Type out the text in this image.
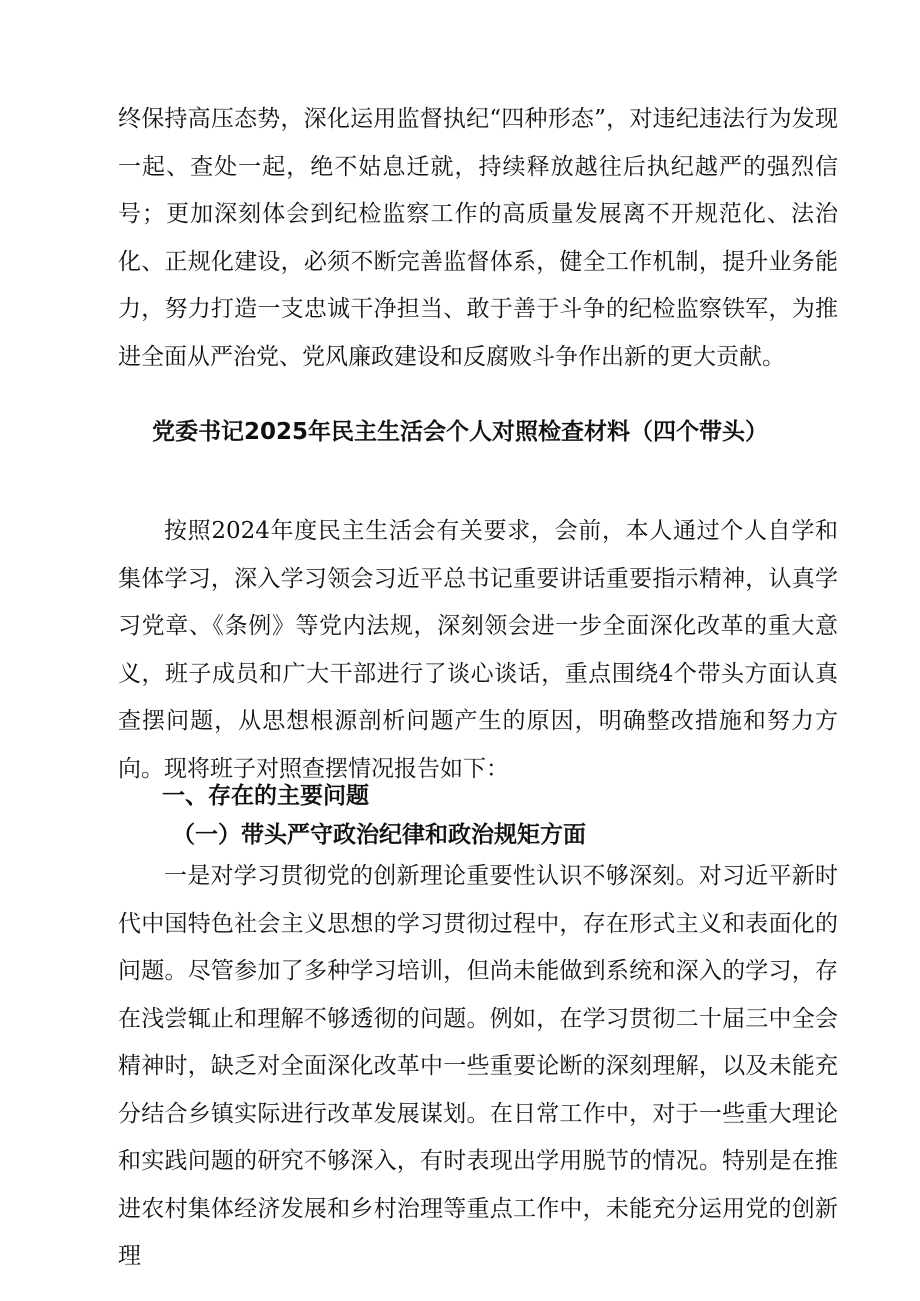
终保持高压态势，深化运用监督执纪“四种形态”，对违纪违法行为发现一起、查处一起，绝不姑息迁就，持续释放越往后执纪越严的强烈信号；更加深刻体会到纪检监察工作的高质量发展离不开规范化、法治化、正规化建设，必须不断完善监督体系，健全工作机制，提升业务能力，努力打造一支忠诚干净担当、敢于善于斗争的纪检监察铁军，为推进全面从严治党、党风廉政建设和反腐败斗争作出新的更大贡献。

党委书记2025年民主生活会个人对照检查材料（四个带头）

按照2024年度民主生活会有关要求，会前，本人通过个人自学和集体学习，深入学习领会习近平总书记重要讲话重要指示精神，认真学习党章、《条例》等党内法规，深刻领会进一步全面深化改革的重大意义，班子成员和广大干部进行了谈心谈话，重点围绕4个带头方面认真查摆问题，从思想根源剖析问题产生的原因，明确整改措施和努力方向。现将班子对照查摆情况报告如下：

一、存在的主要问题
（一）带头严守政治纪律和政治规矩方面

一是对学习贯彻党的创新理论重要性认识不够深刻。对习近平新时代中国特色社会主义思想的学习贯彻过程中，存在形式主义和表面化的问题。尽管参加了多种学习培训，但尚未能做到系统和深入的学习，存在浅尝辄止和理解不够透彻的问题。例如，在学习贯彻二十届三中全会精神时，缺乏对全面深化改革中一些重要论断的深刻理解，以及未能充分结合乡镇实际进行改革发展谋划。在日常工作中，对于一些重大理论和实践问题的研究不够深入，有时表现出学用脱节的情况。特别是在推进农村集体经济发展和乡村治理等重点工作中，未能充分运用党的创新理
